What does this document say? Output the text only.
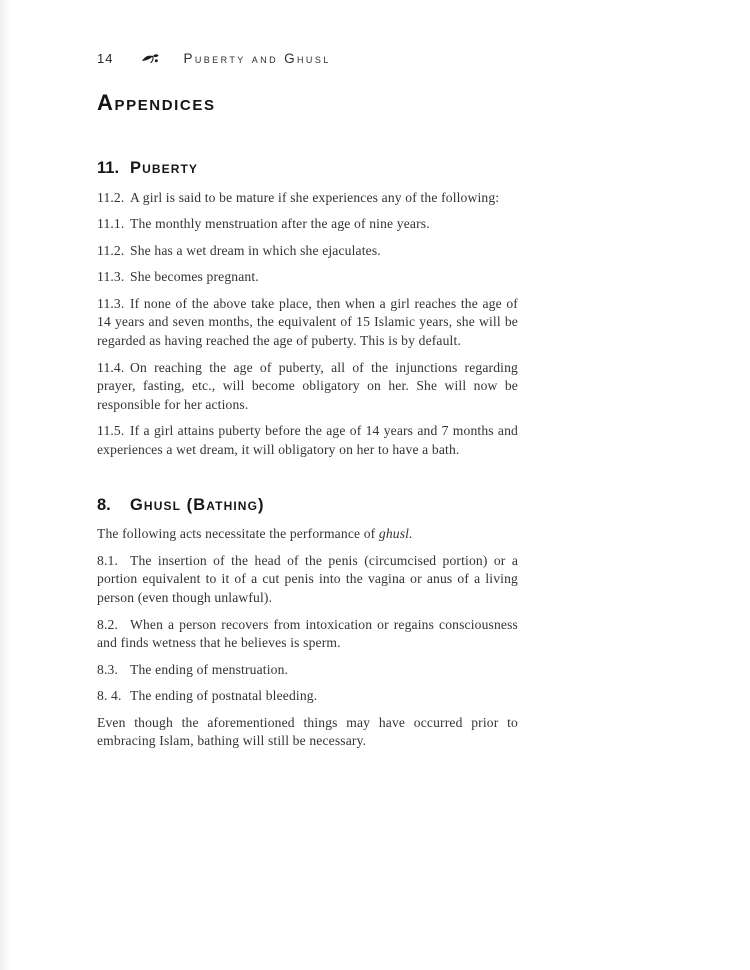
14	Puberty and Ghusl
Appendices
11. Puberty

11.2. A girl is said to be mature if she experiences any of the following:

11.1. The monthly menstruation after the age of nine years.

11.2. She has a wet dream in which she ejaculates.

11.3. She becomes pregnant.

11.3. If none of the above take place, then when a girl reaches the age of 14 years and seven months, the equivalent of 15 Islamic years, she will be regarded as having reached the age of puberty. This is by default.

11.4. On reaching the age of puberty, all of the injunctions regarding prayer, fasting, etc., will become obligatory on her. She will now be responsible for her actions.

11.5. If a girl attains puberty before the age of 14 years and 7 months and experiences a wet dream, it will obligatory on her to have a bath.

8.	Ghusl (Bathing)

The following acts necessitate the performance of ghusl.

8.1. The insertion of the head of the penis (circumcised portion) or a portion equivalent to it of a cut penis into the vagina or anus of a living person (even though unlawful).

8.2. When a person recovers from intoxication or regains consciousness and finds wetness that he believes is sperm.

8.3. The ending of menstruation.

8. 4. The ending of postnatal bleeding.

Even though the aforementioned things may have occurred prior to embracing Islam, bathing will still be necessary.
